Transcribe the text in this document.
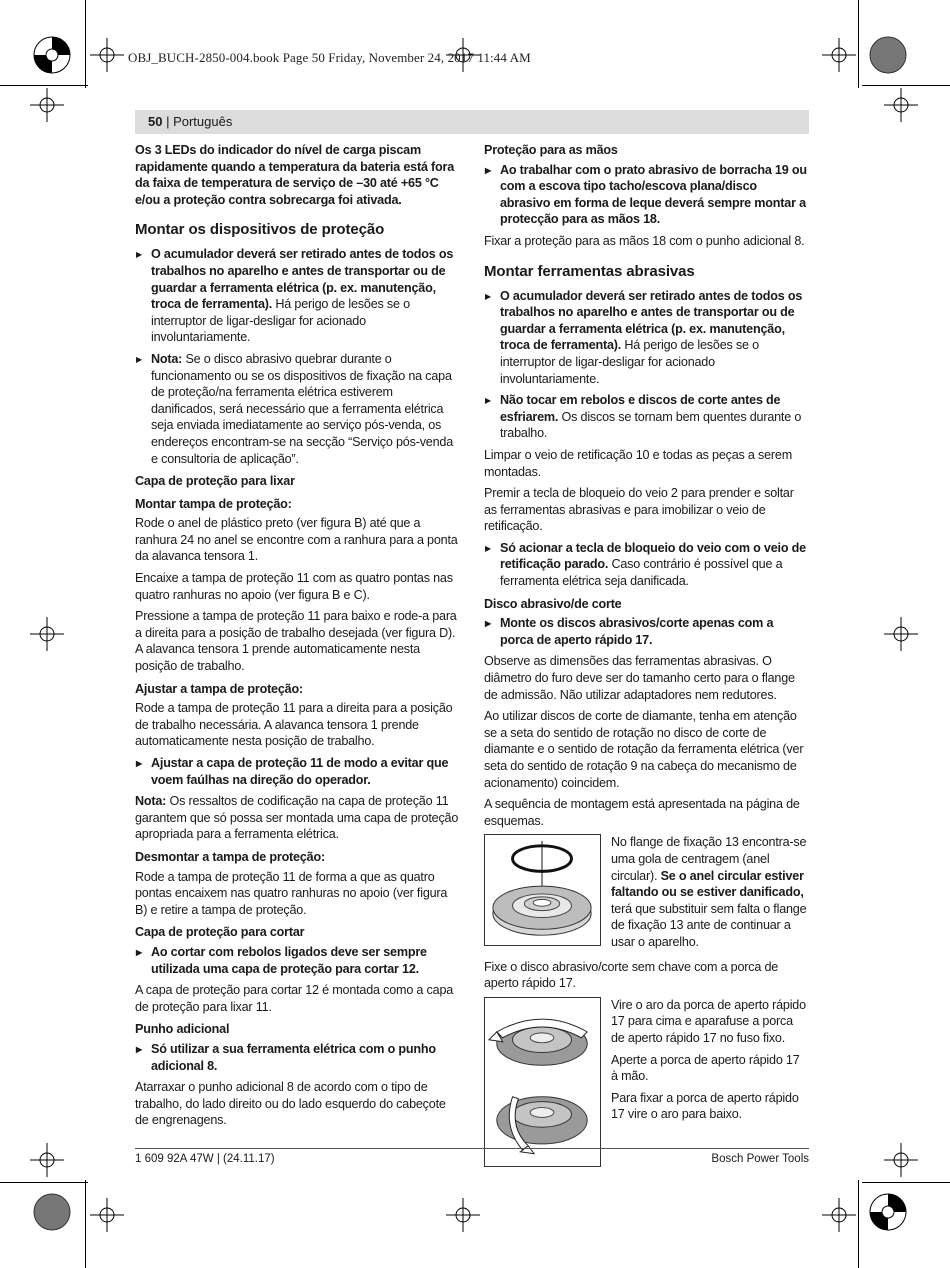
OBJ_BUCH-2850-004.book Page 50 Friday, November 24, 2017 11:44 AM
50 | Português

Os 3 LEDs do indicador do nível de carga piscam rapidamente quando a temperatura da bateria está fora da faixa de temperatura de serviço de –30 até +65 °C e/ou a proteção contra sobrecarga foi ativada.

Montar os dispositivos de proteção

▶ O acumulador deverá ser retirado antes de todos os trabalhos no aparelho e antes de transportar ou de guardar a ferramenta elétrica (p. ex. manutenção, troca de ferramenta). Há perigo de lesões se o interruptor de ligar-desligar for acionado involuntariamente.

▶ Nota: Se o disco abrasivo quebrar durante o funcionamento ou se os dispositivos de fixação na capa de proteção/na ferramenta elétrica estiverem danificados, será necessário que a ferramenta elétrica seja enviada imediatamente ao serviço pós-venda, os endereços encontram-se na secção “Serviço pós-venda e consultoria de aplicação”.

Capa de proteção para lixar
Montar tampa de proteção:

Rode o anel de plástico preto (ver figura B) até que a ranhura 24 no anel se encontre com a ranhura para a ponta da alavanca tensora 1.

Encaixe a tampa de proteção 11 com as quatro pontas nas quatro ranhuras no apoio (ver figura B e C).

Pressione a tampa de proteção 11 para baixo e rode-a para a direita para a posição de trabalho desejada (ver figura D). A alavanca tensora 1 prende automaticamente nesta posição de trabalho.

Ajustar a tampa de proteção:

Rode a tampa de proteção 11 para a direita para a posição de trabalho necessária. A alavanca tensora 1 prende automaticamente nesta posição de trabalho.

▶ Ajustar a capa de proteção 11 de modo a evitar que voem faúlhas na direção do operador.

Nota: Os ressaltos de codificação na capa de proteção 11 garantem que só possa ser montada uma capa de proteção apropriada para a ferramenta elétrica.

Desmontar a tampa de proteção:

Rode a tampa de proteção 11 de forma a que as quatro pontas encaixem nas quatro ranhuras no apoio (ver figura B) e retire a tampa de proteção.

Capa de proteção para cortar

▶ Ao cortar com rebolos ligados deve ser sempre utilizada uma capa de proteção para cortar 12.

A capa de proteção para cortar 12 é montada como a capa de proteção para lixar 11.

Punho adicional

▶ Só utilizar a sua ferramenta elétrica com o punho adicional 8.

Atarraxar o punho adicional 8 de acordo com o tipo de trabalho, do lado direito ou do lado esquerdo do cabeçote de engrenagens.

Proteção para as mãos

▶ Ao trabalhar com o prato abrasivo de borracha 19 ou com a escova tipo tacho/escova plana/disco abrasivo em forma de leque deverá sempre montar a protecção para as mãos 18.

Fixar a proteção para as mãos 18 com o punho adicional 8.

Montar ferramentas abrasivas

▶ O acumulador deverá ser retirado antes de todos os trabalhos no aparelho e antes de transportar ou de guardar a ferramenta elétrica (p. ex. manutenção, troca de ferramenta). Há perigo de lesões se o interruptor de ligar-desligar for acionado involuntariamente.

▶ Não tocar em rebolos e discos de corte antes de esfriarem. Os discos se tornam bem quentes durante o trabalho.

Limpar o veio de retificação 10 e todas as peças a serem montadas.

Premir a tecla de bloqueio do veio 2 para prender e soltar as ferramentas abrasivas e para imobilizar o veio de retificação.

▶ Só acionar a tecla de bloqueio do veio com o veio de retificação parado. Caso contrário é possível que a ferramenta elétrica seja danificada.

Disco abrasivo/de corte

▶ Monte os discos abrasivos/corte apenas com a porca de aperto rápido 17.

Observe as dimensões das ferramentas abrasivas. O diâmetro do furo deve ser do tamanho certo para o flange de admissão. Não utilizar adaptadores nem redutores.

Ao utilizar discos de corte de diamante, tenha em atenção se a seta do sentido de rotação no disco de corte de diamante e o sentido de rotação da ferramenta elétrica (ver seta do sentido de rotação 9 na cabeça do mecanismo de acionamento) coincidem.

A sequência de montagem está apresentada na página de esquemas.

No flange de fixação 13 encontra-se uma gola de centragem (anel circular). Se o anel circular estiver faltando ou se estiver danificado, terá que substituir sem falta o flange de fixação 13 ante de continuar a usar o aparelho.

Fixe o disco abrasivo/corte sem chave com a porca de aperto rápido 17.

Vire o aro da porca de aperto rápido 17 para cima e aparafuse a porca de aperto rápido 17 no fuso fixo.

Aperte a porca de aperto rápido 17 à mão.

Para fixar a porca de aperto rápido 17 vire o aro para baixo.

1 609 92A 47W | (24.11.17)	Bosch Power Tools
